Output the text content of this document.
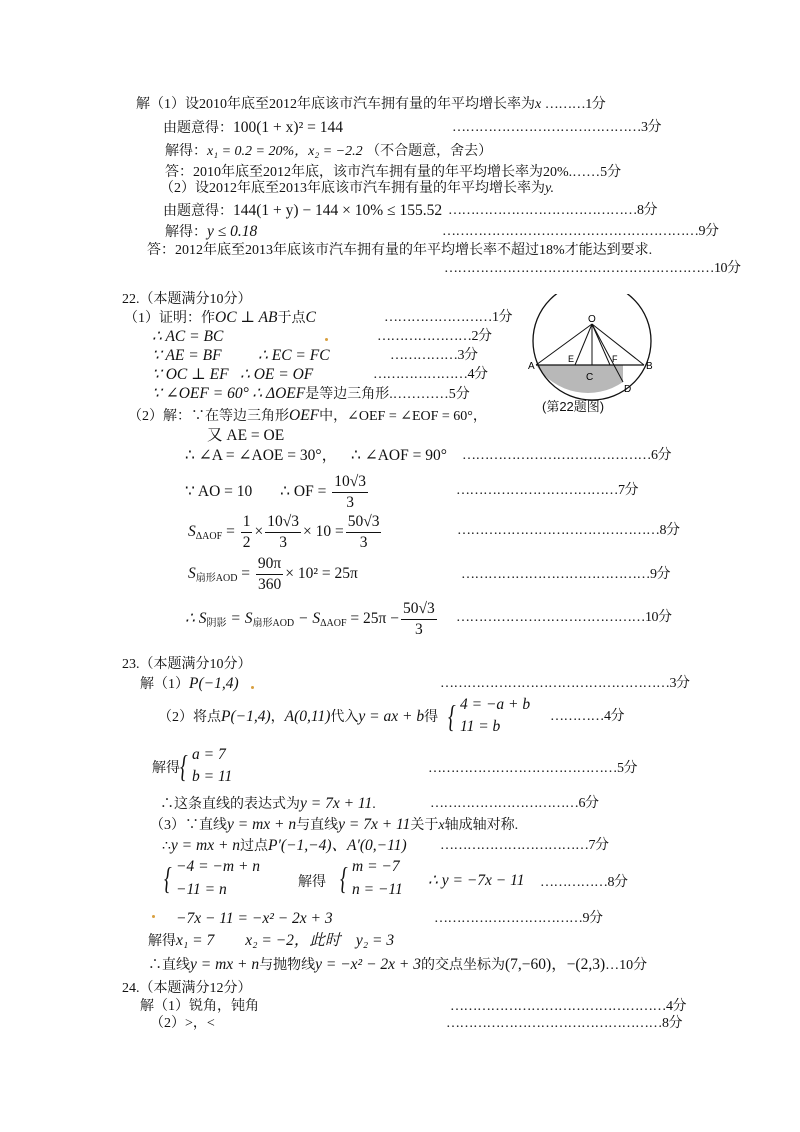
解（1）设2010年底至2012年底该市汽车拥有量的年平均增长率为x ………1分
由题意得：100(1 + x)² = 144	……………………………………3分
解得：x₁ = 0.2 = 20%，x₂ = −2.2 （不合题意，舍去）
答：2010年底至2012年底，该市汽车拥有量的年平均增长率为20%.……5分
（2）设2012年底至2013年底该市汽车拥有量的年平均增长率为y.
由题意得：144(1 + y) − 144 × 10% ≤ 155.52 ……………………………………8分
解得：y ≤ 0.18	…………………………………………………9分
答：2012年底至2013年底该市汽车拥有量的年平均增长率不超过18%才能达到要求.
……………………………………………………10分
22.（本题满分10分）
（1）证明：作OC ⊥ AB于点C	……………………1分
∴ AC = BC	…………………2分
∵ AE = BF ∴ EC = FC	……………3分
∵ OC ⊥ EF ∴ OE = OF	…………………4分
∵ ∠OEF = 60° ∴ ΔOEF是等边三角形.…………5分
（2）解：∵在等边三角形OEF中，∠OEF = ∠EOF = 60°，
又 AE = OE
∴ ∠A = ∠AOE = 30°， ∴ ∠AOF = 90° ……………………………………6分
∵ AO = 10 ∴ OF = $\frac{10√3}{3}$	………………………………7分
$S_{\Delta AOF} = \frac{1}{2} \times \frac{10√3}{3} \times 10 = \frac{50√3}{3}$	………………………………………8分
$S_{扇形AOD} = \frac{90\pi}{360} \times 10^2 = 25\pi$	……………………………………9分
∴ $S_{阴影} = S_{扇形AOD} - S_{\Delta AOF} = 25\pi - \frac{50√3}{3}$ ……………………………………10分
O
A	B
C
D
E	F
(第22题图)
23.（本题满分10分）
解（1）P(−1,4)	……………………………………………3分
（2）将点P(−1,4)，A(0,11)代入y = ax + b得 { 4 = −a + b
11 = b
…………4分
解得 { a = 7
b = 11	……………………………………5分
∴这条直线的表达式为y = 7x + 11.	……………………………6分
（3）∵直线y = mx + n与直线y = 7x + 11关于x轴成轴对称.
∴y = mx + n过点P′(−1,−4)、A′(0,−11) ……………………………7分
{ −4 = −m + n
−11 = n	解得 { m = −7
n = −11
∴ y = −7x − 11 ……………8分
−7x − 11 = −x² − 2x + 3	……………………………9分
解得x₁ = 7　　x₂ = −2，此时　y₂ = 3
∴直线y = mx + n与抛物线y = −x² − 2x + 3的交点坐标为(7,−60)，−(2,3)…10分
24.（本题满分12分）
解（1）锐角，钝角	…………………………………………4分
（2）>，<	…………………………………………8分
